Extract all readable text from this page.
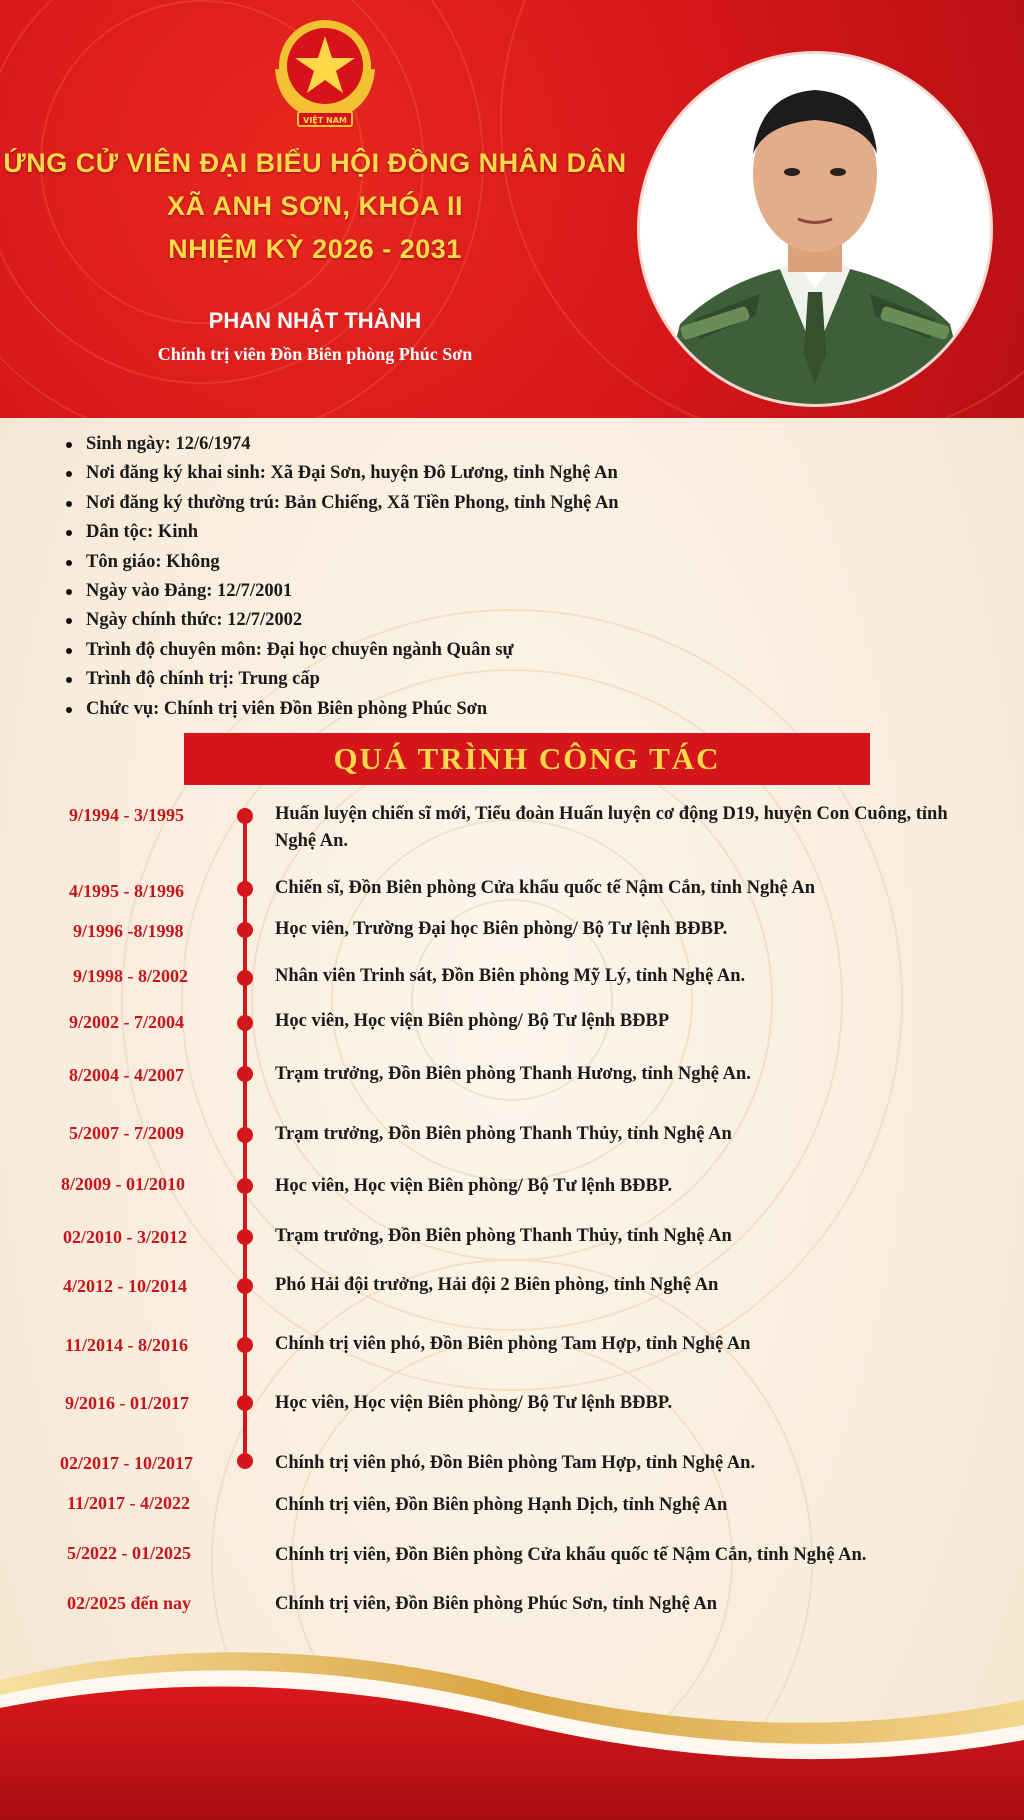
VIỆT NAM
ỨNG CỬ VIÊN ĐẠI BIỂU HỘI ĐỒNG NHÂN DÂN
XÃ ANH SƠN, KHÓA II
NHIỆM KỲ 2026 - 2031
PHAN NHẬT THÀNH
Chính trị viên Đồn Biên phòng Phúc Sơn
Sinh ngày: 12/6/1974
Nơi đăng ký khai sinh: Xã Đại Sơn, huyện Đô Lương, tỉnh Nghệ An
Nơi đăng ký thường trú: Bản Chiếng, Xã Tiền Phong, tỉnh Nghệ An
Dân tộc: Kinh
Tôn giáo: Không
Ngày vào Đảng: 12/7/2001
Ngày chính thức: 12/7/2002
Trình độ chuyên môn: Đại học chuyên ngành Quân sự
Trình độ chính trị: Trung cấp
Chức vụ: Chính trị viên Đồn Biên phòng Phúc Sơn
QUÁ TRÌNH CÔNG TÁC
9/1994 - 3/1995	Huấn luyện chiến sĩ mới, Tiểu đoàn Huấn luyện cơ động D19, huyện Con Cuông, tỉnh Nghệ An.
4/1995 - 8/1996	Chiến sĩ, Đồn Biên phòng Cửa khẩu quốc tế Nậm Cắn, tỉnh Nghệ An
9/1996 -8/1998	Học viên, Trường Đại học Biên phòng/ Bộ Tư lệnh BĐBP.
9/1998 - 8/2002	Nhân viên Trinh sát, Đồn Biên phòng Mỹ Lý, tỉnh Nghệ An.
9/2002 - 7/2004	Học viên, Học viện Biên phòng/ Bộ Tư lệnh BĐBP
8/2004 - 4/2007	Trạm trưởng, Đồn Biên phòng Thanh Hương, tỉnh Nghệ An.
5/2007 - 7/2009	Trạm trưởng, Đồn Biên phòng Thanh Thủy, tỉnh Nghệ An
8/2009 - 01/2010	Học viên, Học viện Biên phòng/ Bộ Tư lệnh BĐBP.
02/2010 - 3/2012	Trạm trưởng, Đồn Biên phòng Thanh Thủy, tỉnh Nghệ An
4/2012 - 10/2014	Phó Hải đội trưởng, Hải đội 2 Biên phòng, tỉnh Nghệ An
11/2014 - 8/2016	Chính trị viên phó, Đồn Biên phòng Tam Hợp, tỉnh Nghệ An
9/2016 - 01/2017	Học viên, Học viện Biên phòng/ Bộ Tư lệnh BĐBP.
02/2017 - 10/2017	Chính trị viên phó, Đồn Biên phòng Tam Hợp, tỉnh Nghệ An.
11/2017 - 4/2022	Chính trị viên, Đồn Biên phòng Hạnh Dịch, tỉnh Nghệ An
5/2022 - 01/2025	Chính trị viên, Đồn Biên phòng Cửa khẩu quốc tế Nậm Cắn, tỉnh Nghệ An.
02/2025 đến nay	Chính trị viên, Đồn Biên phòng Phúc Sơn, tỉnh Nghệ An
